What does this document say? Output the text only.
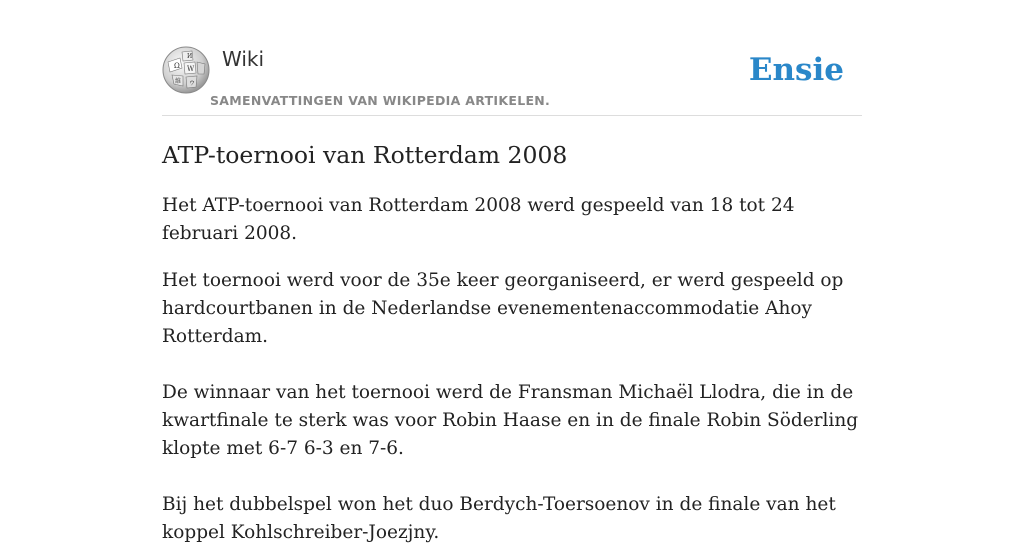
Ω W
И
維 ウ
Wiki
SAMENVATTINGEN VAN WIKIPEDIA ARTIKELEN.
Ensie
ATP-toernooi van Rotterdam 2008

Het ATP-toernooi van Rotterdam 2008 werd gespeeld van 18 tot 24 februari 2008.

Het toernooi werd voor de 35e keer georganiseerd, er werd gespeeld op hardcourtbanen in de Nederlandse evenementenaccommodatie Ahoy Rotterdam.

De winnaar van het toernooi werd de Fransman Michaël Llodra, die in de kwartfinale te sterk was voor Robin Haase en in de finale Robin Söderling klopte met 6-7 6-3 en 7-6.

Bij het dubbelspel won het duo Berdych-Toersoenov in de finale van het koppel Kohlschreiber-Joezjny.
